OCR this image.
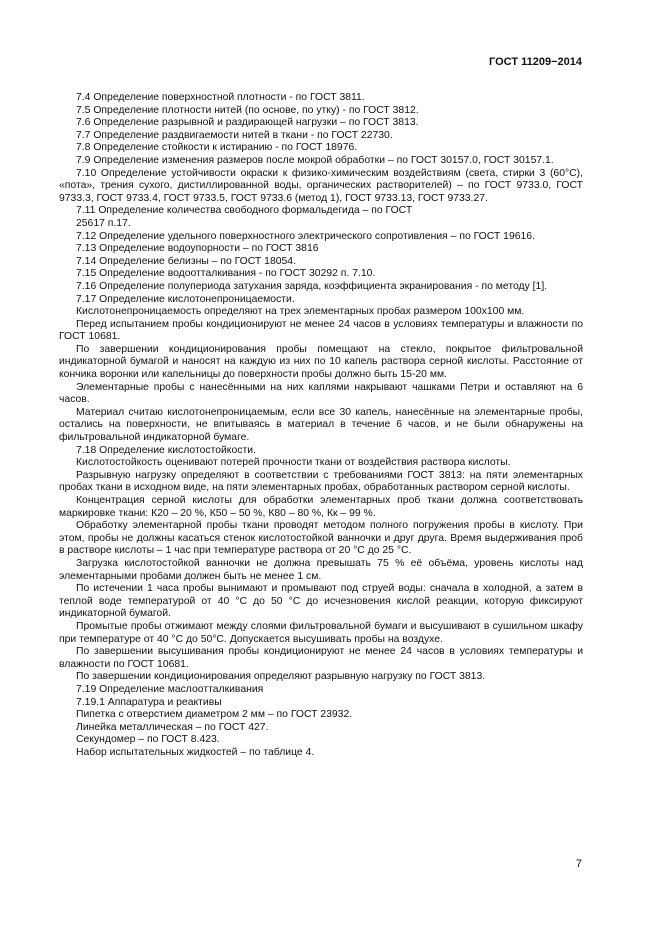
ГОСТ 11209−2014

7.4 Определение поверхностной плотности - по ГОСТ 3811.

7.5 Определение плотности нитей (по основе, по утку) - по ГОСТ 3812.

7.6 Определение разрывной и раздирающей нагрузки – по ГОСТ 3813.

7.7 Определение раздвигаемости нитей в ткани - по ГОСТ 22730.

7.8 Определение стойкости к истиранию - по ГОСТ 18976.

7.9 Определение изменения размеров после мокрой обработки – по ГОСТ 30157.0, ГОСТ 30157.1.

7.10 Определение устойчивости окраски к физико-химическим воздействиям (света, стирки 3 (60°С), «пота», трения сухого, дистиллированной воды, органических растворителей) – по ГОСТ 9733.0, ГОСТ 9733.3, ГОСТ 9733.4, ГОСТ 9733.5, ГОСТ 9733.6 (метод 1), ГОСТ 9733.13, ГОСТ 9733.27.

7.11 Определение количества свободного формальдегида – по ГОСТ

25617 п.17.

7.12 Определение удельного поверхностного электрического сопротивления – по ГОСТ 19616.

7.13 Определение водоупорности – по ГОСТ 3816

7.14 Определение белизны – по ГОСТ 18054.

7.15 Определение водоотталкивания - по ГОСТ 30292 п. 7.10.

7.16 Определение полупериода затухания заряда, коэффициента экранирования - по методу [1].

7.17 Определение кислотонепроницаемости.

Кислотонепроницаемость определяют на трех элементарных пробах размером 100х100 мм.

Перед испытанием пробы кондиционируют не менее 24 часов в условиях температуры и влажности по ГОСТ 10681.

По завершении кондиционирования пробы помещают на стекло, покрытое фильтровальной индикаторной бумагой и наносят на каждую из них по 10 капель раствора серной кислоты. Расстояние от кончика воронки или капельницы до поверхности пробы должно быть 15-20 мм.

Элементарные пробы с нанесёнными на них каплями накрывают чашками Петри и оставляют на 6 часов.

Материал считаю кислотонепроницаемым, если все 30 капель, нанесённые на элементарные пробы, остались на поверхности, не впитываясь в материал в течение 6 часов, и не были обнаружены на фильтровальной индикаторной бумаге.

7.18 Определение кислотостойкости.

Кислотостойкость оценивают потерей прочности ткани от воздействия раствора кислоты.

Разрывную нагрузку определяют в соответствии с требованиями ГОСТ 3813: на пяти элементарных пробах ткани в исходном виде, на пяти элементарных пробах, обработанных раствором серной кислоты.

Концентрация серной кислоты для обработки элементарных проб ткани должна соответствовать маркировке ткани: К20 – 20 %, К50 – 50 %, К80 – 80 %, Кк – 99 %.

Обработку элементарной пробы ткани проводят методом полного погружения пробы в кислоту. При этом, пробы не должны касаться стенок кислотостойкой ванночки и друг друга. Время выдерживания проб в растворе кислоты – 1 час при температуре раствора от 20 °С до 25 °С.

Загрузка кислотостойкой ванночки не должна превышать 75 % её объёма, уровень кислоты над элементарными пробами должен быть не менее 1 см.

По истечении 1 часа пробы вынимают и промывают под струей воды: сначала в холодной, а затем в теплой воде температурой от 40 °С до 50 °С до исчезновения кислой реакции, которую фиксируют индикаторной бумагой.

Промытые пробы отжимают между слоями фильтровальной бумаги и высушивают в сушильном шкафу при температуре от 40 °С до 50°С. Допускается высушивать пробы на воздухе.

По завершении высушивания пробы кондиционируют не менее 24 часов в условиях температуры и влажности по ГОСТ 10681.

По завершении кондиционирования определяют разрывную нагрузку по ГОСТ 3813.

7.19 Определение маслоотталкивания

7.19.1 Аппаратура и реактивы

Пипетка с отверстием диаметром 2 мм – по ГОСТ 23932.

Линейка металлическая – по ГОСТ 427.

Секундомер – по ГОСТ 8.423.

Набор испытательных жидкостей – по таблице 4.

7
